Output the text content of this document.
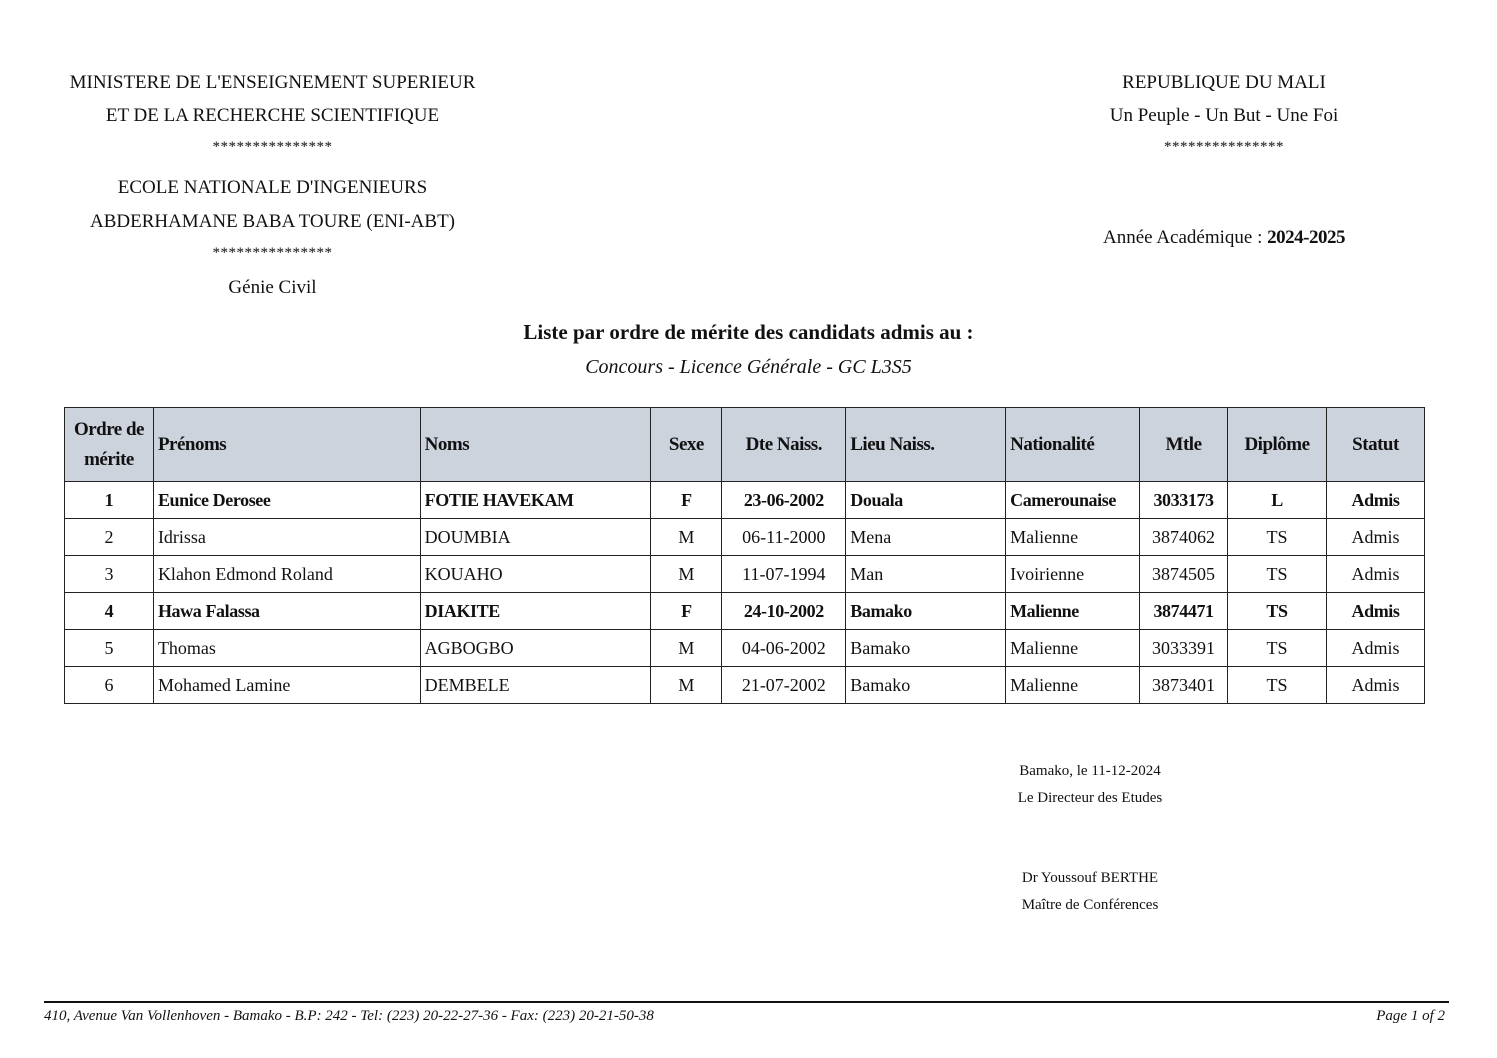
MINISTERE DE L'ENSEIGNEMENT SUPERIEUR
ET DE LA RECHERCHE SCIENTIFIQUE
***************
ECOLE NATIONALE D'INGENIEURS
ABDERHAMANE BABA TOURE (ENI-ABT)
***************
Génie Civil
REPUBLIQUE DU MALI
Un Peuple - Un But - Une Foi
***************
Année Académique : 2024-2025
Liste par ordre de mérite des candidats admis au :
Concours - Licence Générale - GC L3S5
Ordre de mérite	Prénoms	Noms	Sexe	Dte Naiss.	Lieu Naiss.	Nationalité	Mtle	Diplôme	Statut
1	Eunice Derosee	FOTIE HAVEKAM	F	23-06-2002	Douala	Camerounaise	3033173	L	Admis
2	Idrissa	DOUMBIA	M	06-11-2000	Mena	Malienne	3874062	TS	Admis
3	Klahon Edmond Roland	KOUAHO	M	11-07-1994	Man	Ivoirienne	3874505	TS	Admis
4	Hawa Falassa	DIAKITE	F	24-10-2002	Bamako	Malienne	3874471	TS	Admis
5	Thomas	AGBOGBO	M	04-06-2002	Bamako	Malienne	3033391	TS	Admis
6	Mohamed Lamine	DEMBELE	M	21-07-2002	Bamako	Malienne	3873401	TS	Admis
Bamako, le 11-12-2024
Le Directeur des Etudes
Dr Youssouf BERTHE
Maître de Conférences
410, Avenue Van Vollenhoven - Bamako - B.P: 242 - Tel: (223) 20-22-27-36 - Fax: (223) 20-21-50-38	Page 1 of 2
